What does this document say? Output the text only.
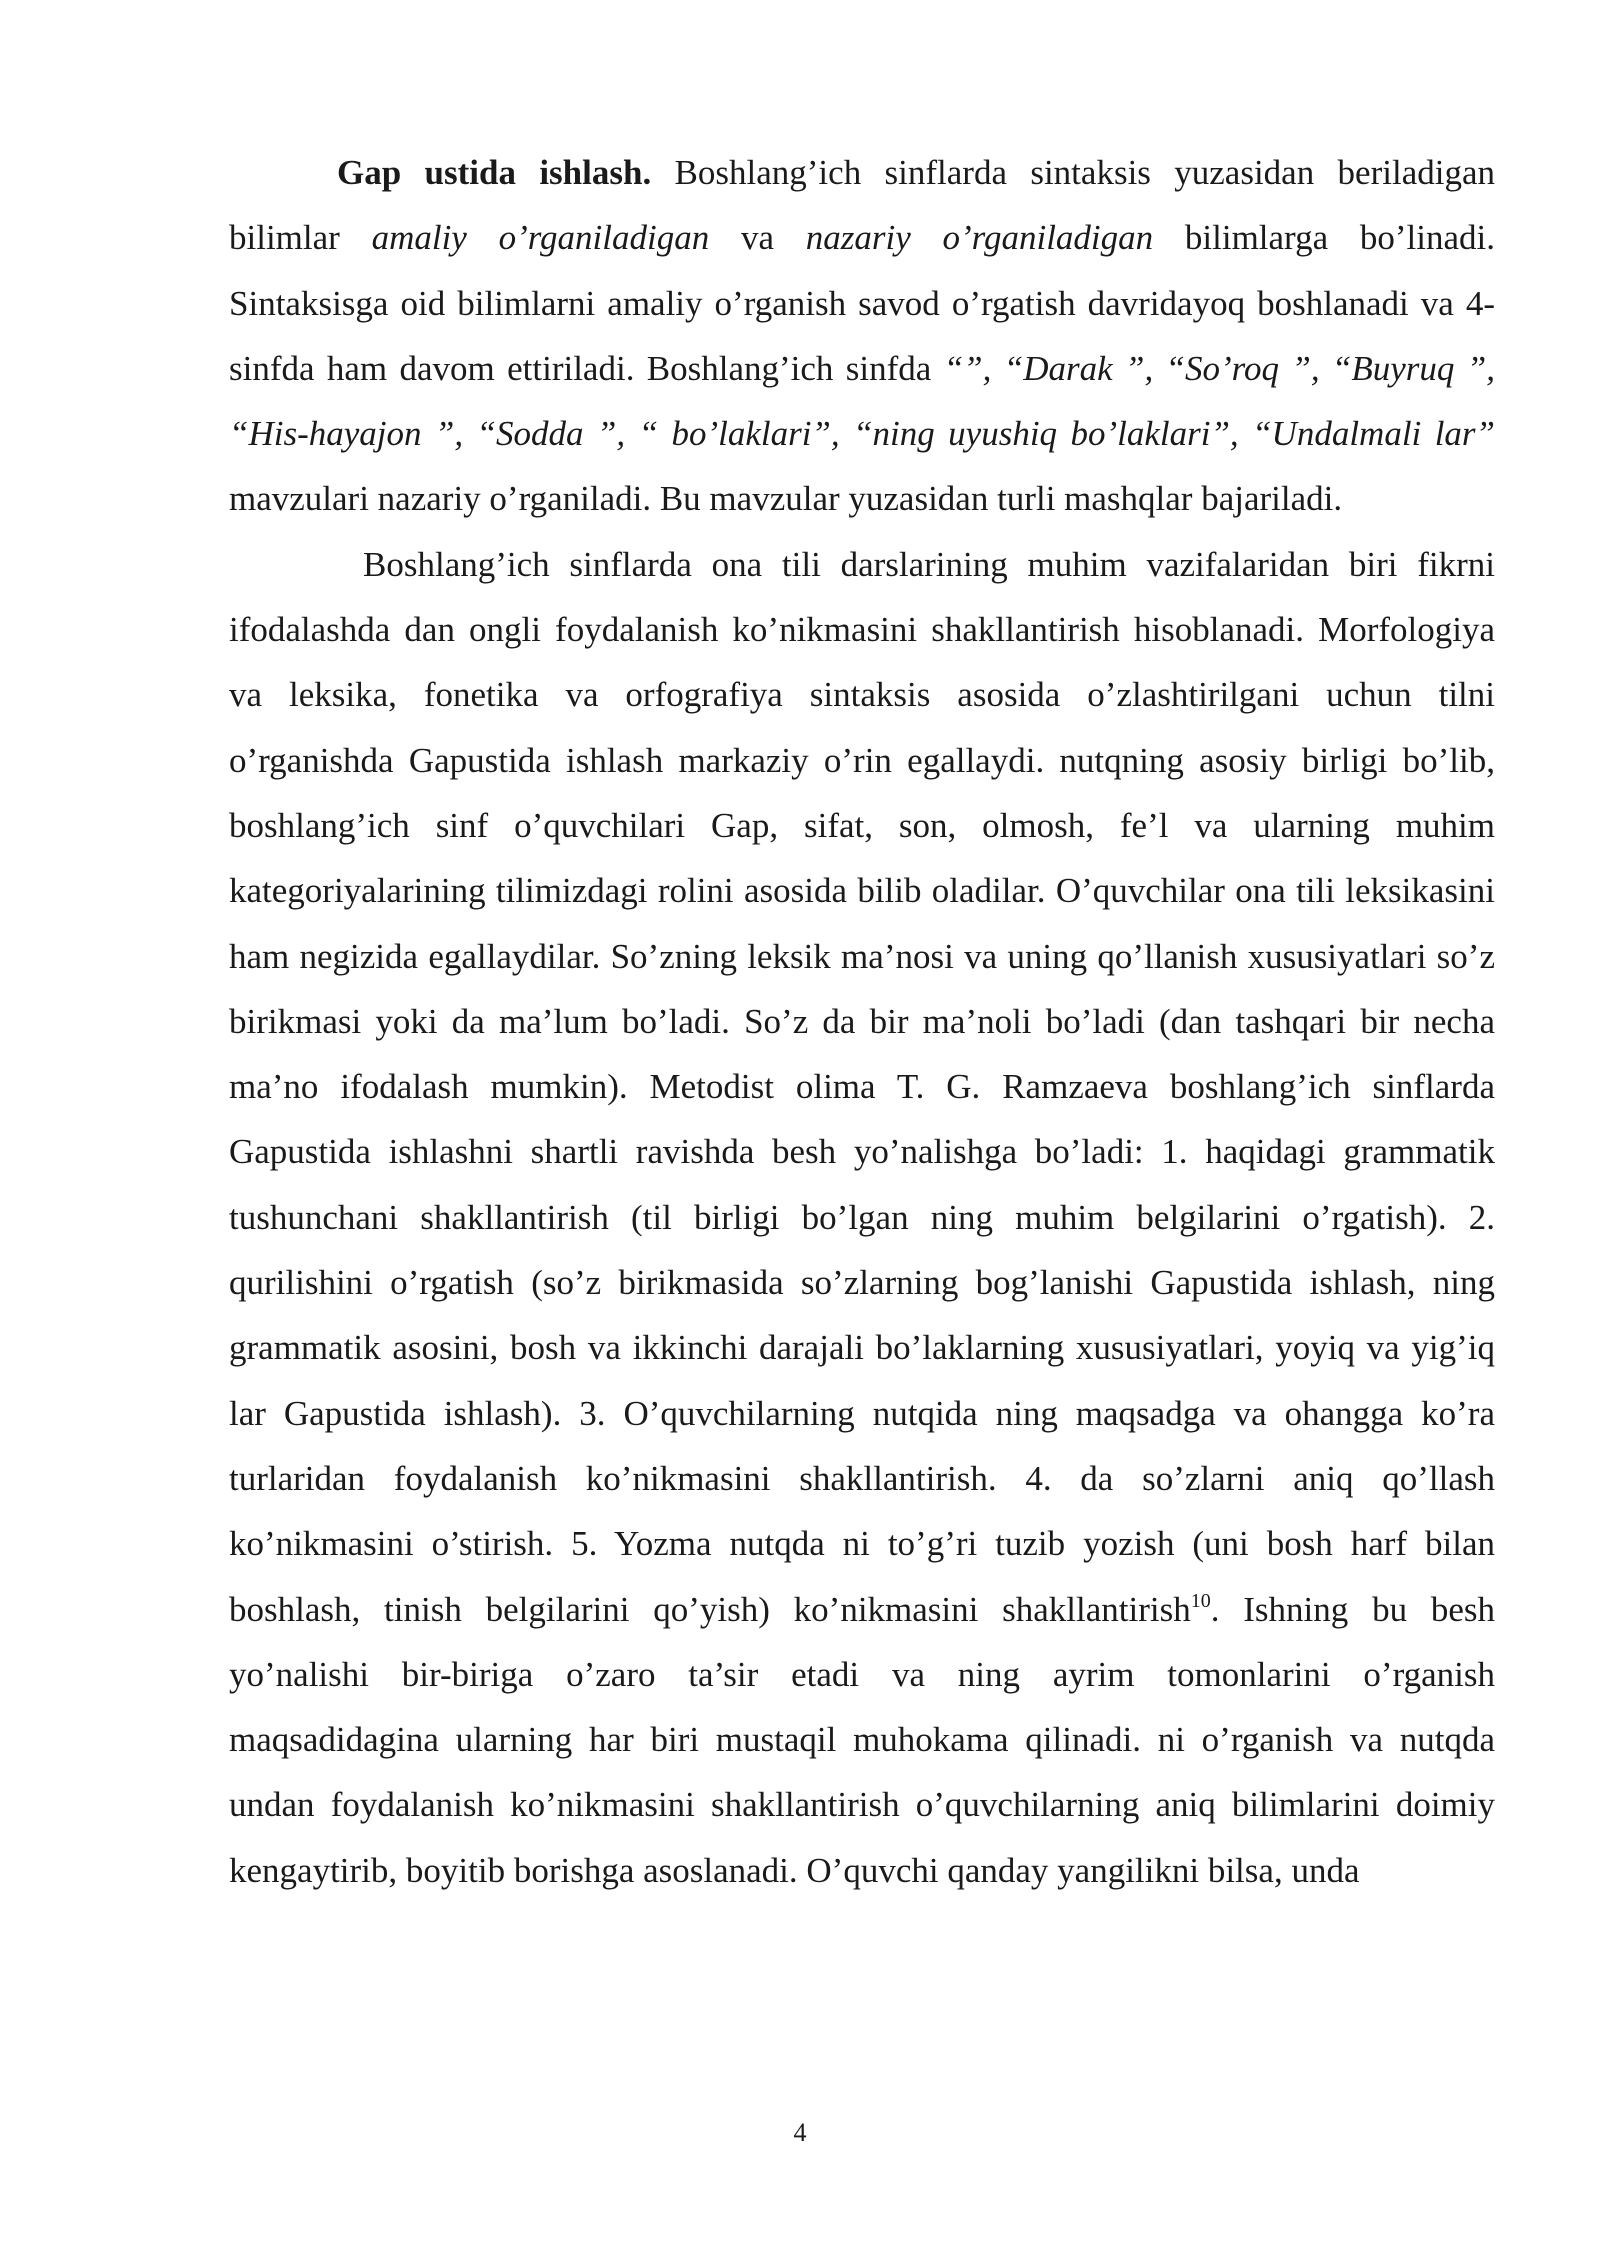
Gap ustida ishlash. Boshlang’ich sinflarda sintaksis yuzasidan beriladigan bilimlar amaliy o’rganiladigan va nazariy o’rganiladigan bilimlarga bo’linadi. Sintaksisga oid bilimlarni amaliy o’rganish savod o’rgatish davridayoq boshlanadi va 4-sinfda ham davom ettiriladi. Boshlang’ich sinfda “”, “Darak ”, “So’roq ”, “Buyruq ”, “His-hayajon ”, “Sodda ”, “ bo’laklari”, “ning uyushiq bo’laklari”, “Undalmali lar” mavzulari nazariy o’rganiladi. Bu mavzular yuzasidan turli mashqlar bajariladi.

Boshlang’ich sinflarda ona tili darslarining muhim vazifalaridan biri fikrni ifodalashda dan ongli foydalanish ko’nikmasini shakllantirish hisoblanadi. Morfologiya va leksika, fonetika va orfografiya sintaksis asosida o’zlashtirilgani uchun tilni o’rganishda Gapustida ishlash markaziy o’rin egallaydi. nutqning asosiy birligi bo’lib, boshlang’ich sinf o’quvchilari Gap, sifat, son, olmosh, fe’l va ularning muhim kategoriyalarining tilimizdagi rolini asosida bilib oladilar. O’quvchilar ona tili leksikasini ham negizida egallaydilar. So’zning leksik ma’nosi va uning qo’llanish xususiyatlari so’z birikmasi yoki da ma’lum bo’ladi. So’z da bir ma’noli bo’ladi (dan tashqari bir necha ma’no ifodalash mumkin). Metodist olima T. G. Ramzaeva boshlang’ich sinflarda Gapustida ishlashni shartli ravishda besh yo’nalishga bo’ladi: 1. haqidagi grammatik tushunchani shakllantirish (til birligi bo’lgan ning muhim belgilarini o’rgatish). 2. qurilishini o’rgatish (so’z birikmasida so’zlarning bog’lanishi Gapustida ishlash, ning grammatik asosini, bosh va ikkinchi darajali bo’laklarning xususiyatlari, yoyiq va yig’iq lar Gapustida ishlash). 3. O’quvchilarning nutqida ning maqsadga va ohangga ko’ra turlaridan foydalanish ko’nikmasini shakllantirish. 4. da so’zlarni aniq qo’llash ko’nikmasini o’stirish. 5. Yozma nutqda ni to’g’ri tuzib yozish (uni bosh harf bilan boshlash, tinish belgilarini qo’yish) ko’nikmasini shakllantirish$^{10}$. Ishning bu besh yo’nalishi bir-biriga o’zaro ta’sir etadi va ning ayrim tomonlarini o’rganish maqsadidagina ularning har biri mustaqil muhokama qilinadi. ni o’rganish va nutqda undan foydalanish ko’nikmasini shakllantirish o’quvchilarning aniq bilimlarini doimiy kengaytirib, boyitib borishga asoslanadi. O’quvchi qanday yangilikni bilsa, unda

4
